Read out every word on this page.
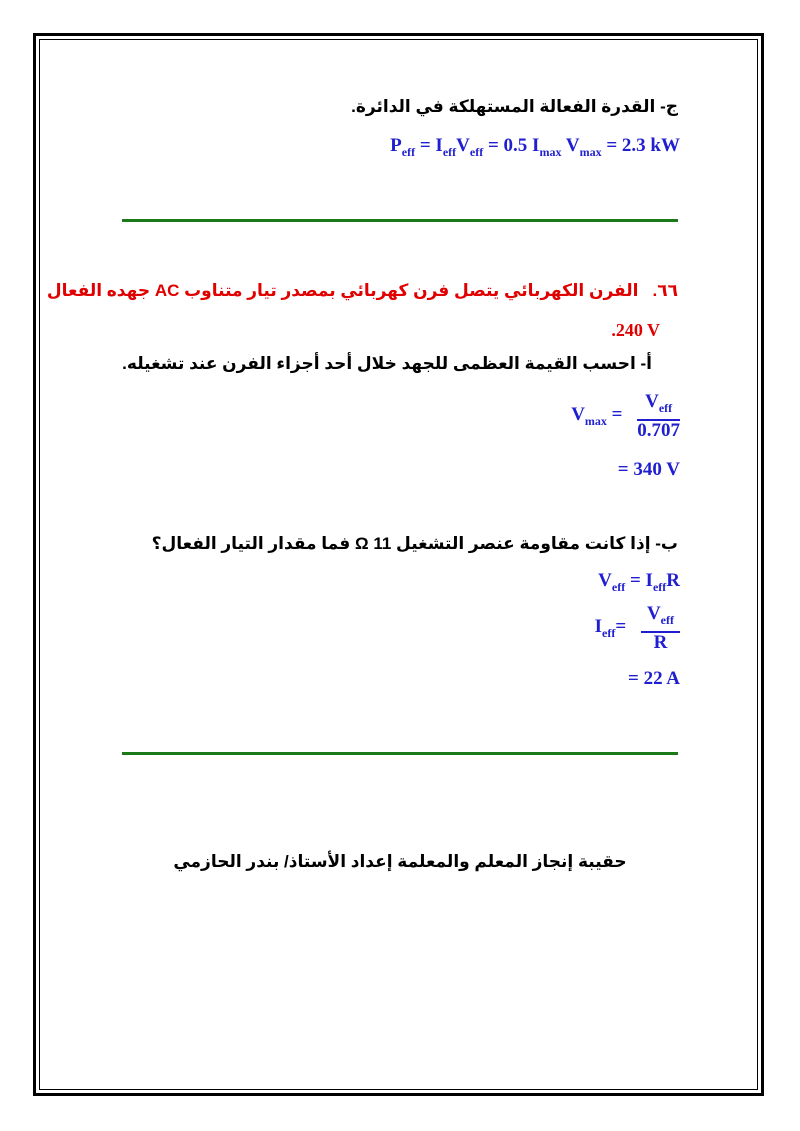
ج- القدرة الفعالة المستهلكة في الدائرة.
$P_{eff} = I_{eff}V_{eff} = 0.5$ $I_{max}$ $V_{max} = 2.3$ kW
٦٦.الفرن الكهربائي يتصل فرن كهربائي بمصدر تيار متناوب AC جهده الفعال
.240 V
أ- احسب القيمة العظمى للجهد خلال أحد أجزاء الفرن عند تشغيله.
$V_{max} = \frac{V_{eff}}{0.707}$
= 340 V
ب- إذا كانت مقاومة عنصر التشغيل 11 Ω فما مقدار التيار الفعال؟
$V_{eff} = I_{eff}R$
$I_{eff}= \frac{V_{eff}}{R}$
= 22 A
حقيبة إنجاز المعلم والمعلمة إعداد الأستاذ/ بندر الحازمي
